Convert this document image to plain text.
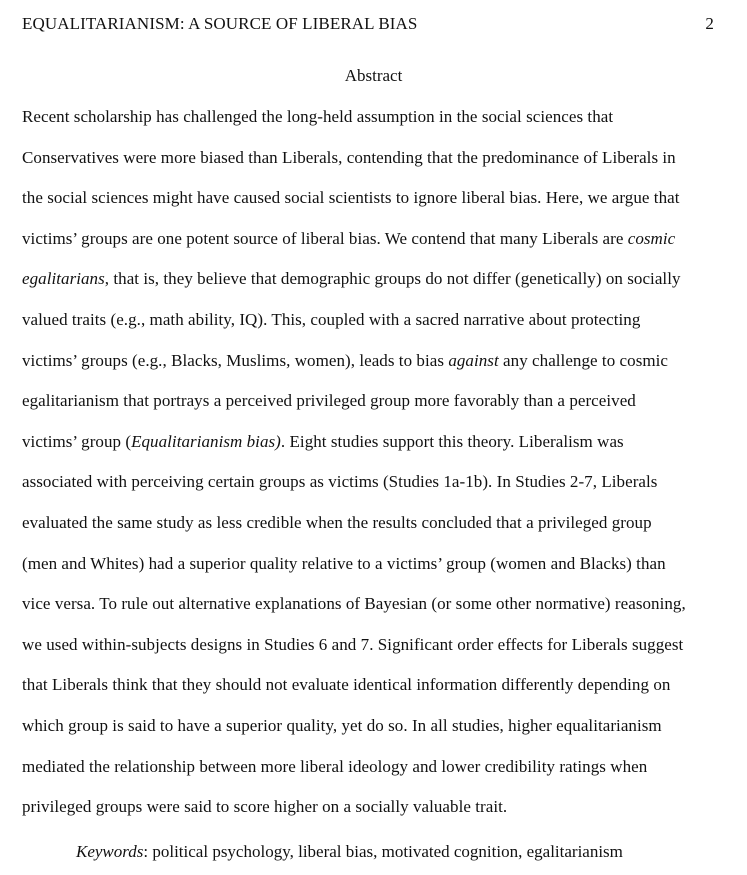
EQUALITARIANISM: A SOURCE OF LIBERAL BIAS	2
Abstract
Recent scholarship has challenged the long-held assumption in the social sciences that
Conservatives were more biased than Liberals, contending that the predominance of Liberals in
the social sciences might have caused social scientists to ignore liberal bias. Here, we argue that
victims’ groups are one potent source of liberal bias. We contend that many Liberals are cosmic
egalitarians, that is, they believe that demographic groups do not differ (genetically) on socially
valued traits (e.g., math ability, IQ). This, coupled with a sacred narrative about protecting
victims’ groups (e.g., Blacks, Muslims, women), leads to bias against any challenge to cosmic
egalitarianism that portrays a perceived privileged group more favorably than a perceived
victims’ group (Equalitarianism bias). Eight studies support this theory. Liberalism was
associated with perceiving certain groups as victims (Studies 1a-1b). In Studies 2-7, Liberals
evaluated the same study as less credible when the results concluded that a privileged group
(men and Whites) had a superior quality relative to a victims’ group (women and Blacks) than
vice versa. To rule out alternative explanations of Bayesian (or some other normative) reasoning,
we used within-subjects designs in Studies 6 and 7. Significant order effects for Liberals suggest
that Liberals think that they should not evaluate identical information differently depending on
which group is said to have a superior quality, yet do so. In all studies, higher equalitarianism
mediated the relationship between more liberal ideology and lower credibility ratings when
privileged groups were said to score higher on a socially valuable trait.
Keywords: political psychology, liberal bias, motivated cognition, egalitarianism
